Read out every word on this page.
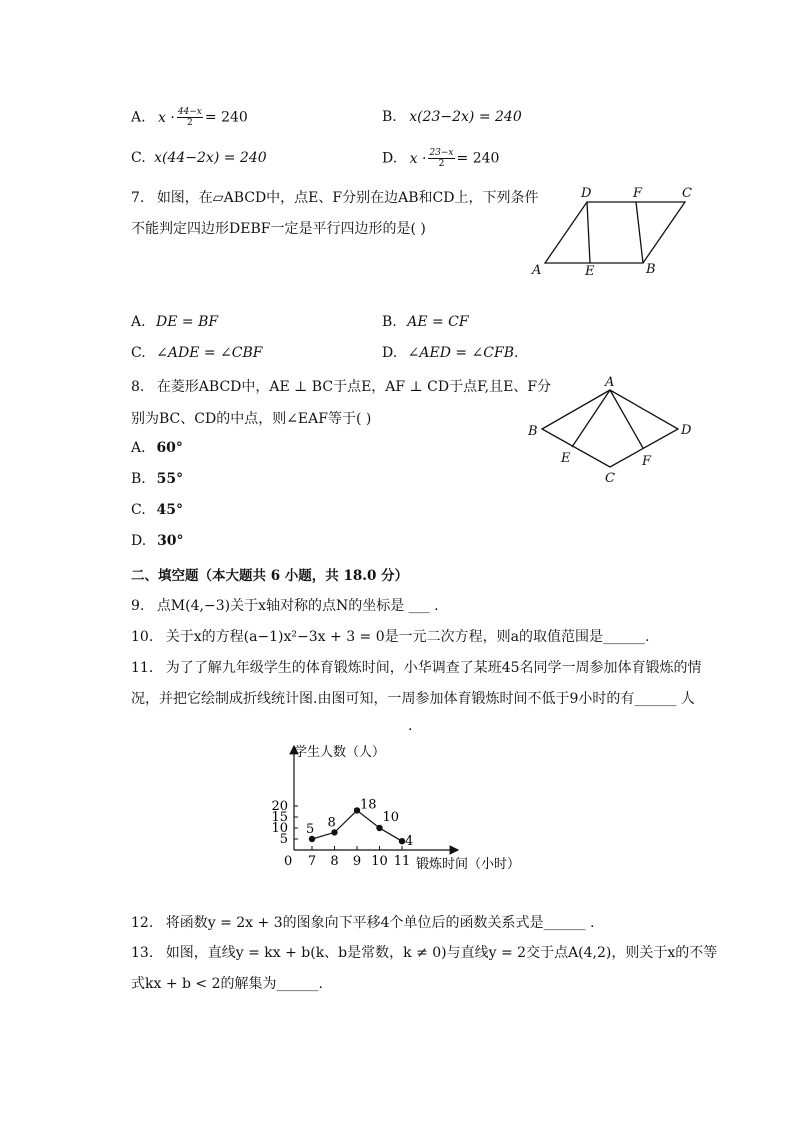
A. $x \cdot \frac{44-x}{2} = 240$	B. x(23−2x) = 240
C. x(44−2x) = 240	D. $x \cdot \frac{23-x}{2} = 240$
7. 如图，在▱ABCD中，点E、F分别在边AB和CD上，下列条件
不能判定四边形DEBF一定是平行四边形的是( )
D	F	C
A	E	B
A. DE = BF	B. AE = CF
C. ∠ADE = ∠CBF	D. ∠AED = ∠CFB.
8. 在菱形ABCD中，AE ⊥ BC于点E，AF ⊥ CD于点F,且E、F分
别为BC、CD的中点，则∠EAF等于( )
A
B	D
E	F
C
A. 60°
B. 55°
C. 45°
D. 30°
二、填空题（本大题共 6 小题，共 18.0 分）
9. 点M(4,−3)关于x轴对称的点N的坐标是 ___ .
10. 关于x的方程(a−1)x²−3x + 3 = 0是一元二次方程，则a的取值范围是______.
11. 为了了解九年级学生的体育锻炼时间，小华调查了某班45名同学一周参加体育锻炼的情
况，并把它绘制成折线统计图.由图可知，一周参加体育锻炼时间不低于9小时的有______ 人
.
学生人数（人）
锻炼时间（小时）
0
5
10
15
20
7 8 9 10 11
5 8
18
10
4
12. 将函数y = 2x + 3的图象向下平移4个单位后的函数关系式是______ .
13. 如图，直线y = kx + b(k、b是常数，k ≠ 0)与直线y = 2交于点A(4,2)，则关于x的不等
式kx + b < 2的解集为______.
